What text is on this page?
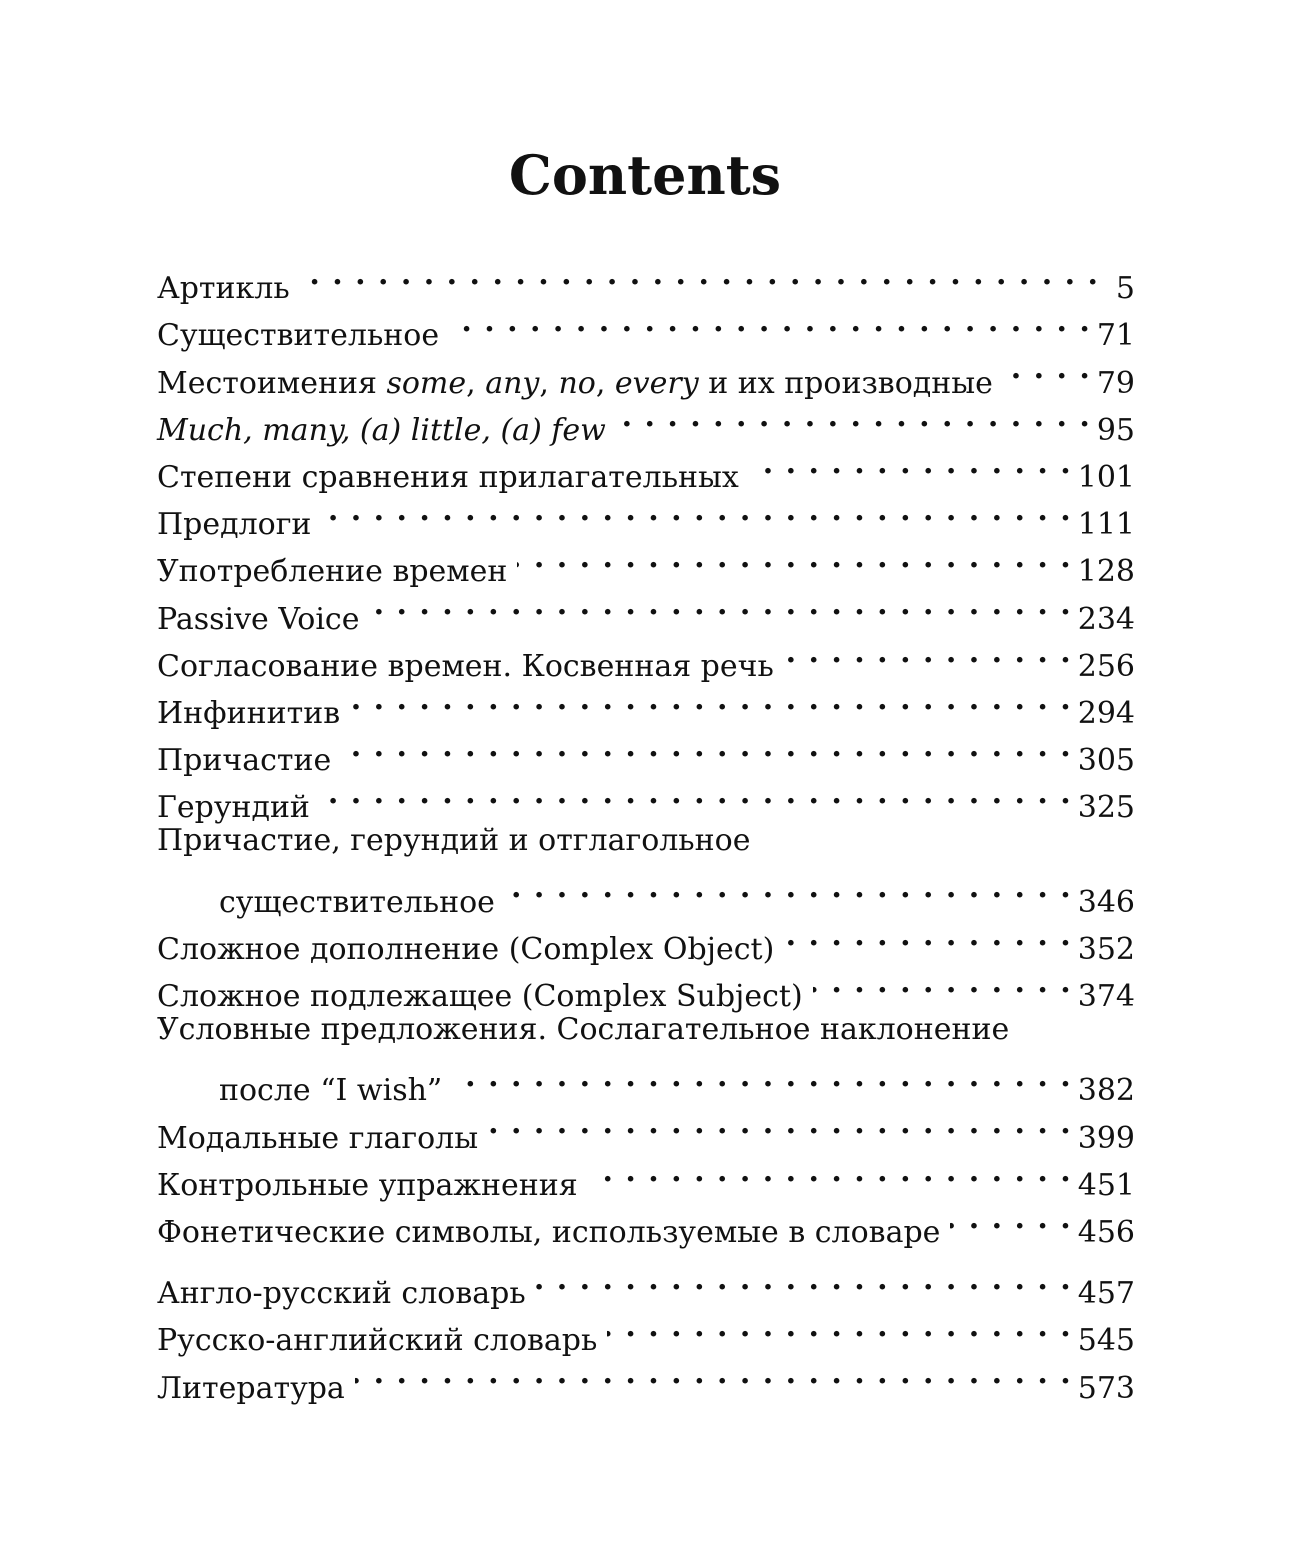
Contents
Артикль . . .	5
Существительное . . .	71
Местоимения some, any, no, every и их производные . . .	79
Much, many, (a) little, (a) few . . .	95
Степени сравнения прилагательных . . .	101
Предлоги . . .	111
Употребление времен . . .	128
Passive Voice . . .	234
Согласование времен. Косвенная речь . . .	256
Инфинитив . . .	294
Причастие . . .	305
Герундий . . .	325
Причастие, герундий и отглагольное
существительное . . .	346
Сложное дополнение (Complex Object) . . .	352
Сложное подлежащее (Complex Subject) . . .	374
Условные предложения. Сослагательное наклонение
после “I wish” . . .	382
Модальные глаголы . . .	399
Контрольные упражнения . . .	451
Фонетические символы, используемые в словаре . . .	456
Англо-русский словарь . . .	457
Русско-английский словарь . . .	545
Литература . . .	573
